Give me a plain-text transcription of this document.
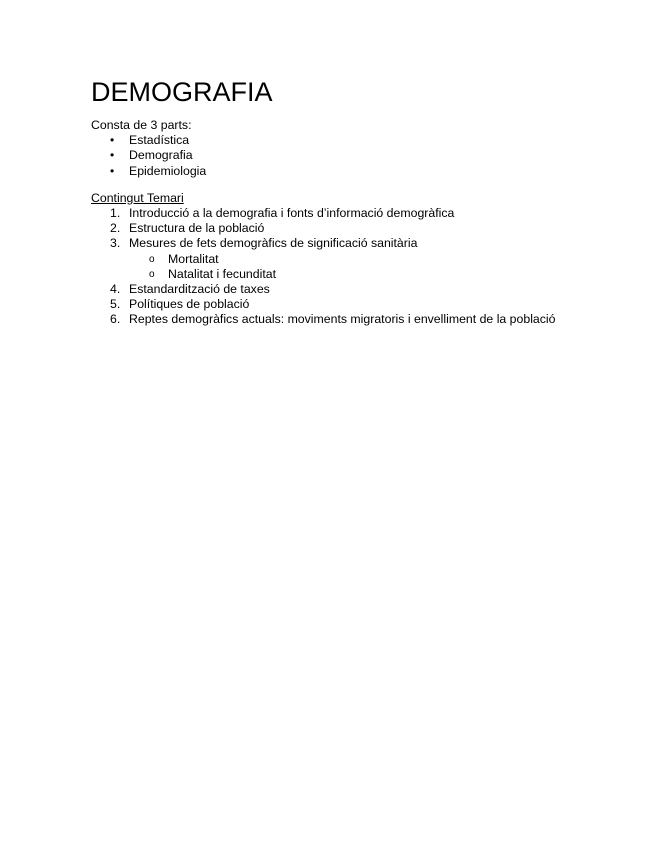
DEMOGRAFIA

Consta de 3 parts:

• Estadística
• Demografia
• Epidemiologia

Contingut Temari

1. Introducció a la demografia i fonts d’informació demogràfica
2. Estructura de la població
3. Mesures de fets demogràfics de significació sanitària
o Mortalitat
o Natalitat i fecunditat
4. Estandardització de taxes
5. Polítiques de població
6. Reptes demogràfics actuals: moviments migratoris i envelliment de la població
